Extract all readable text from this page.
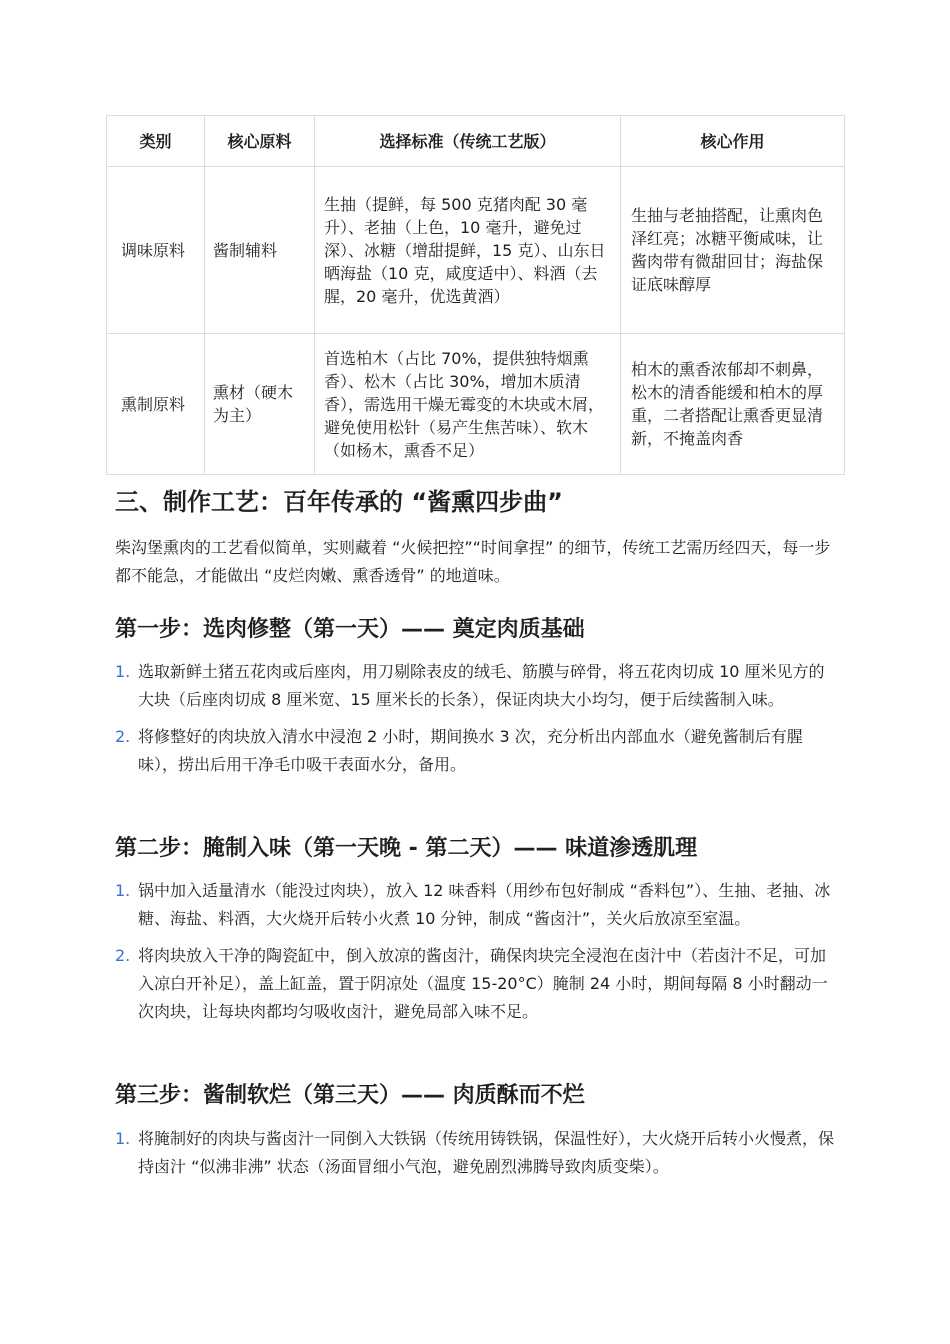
类别	核心原料	选择标准（传统工艺版）	核心作用
调味原料	酱制辅料	生抽（提鲜，每 500 克猪肉配 30 毫升）、老抽（上色，10 毫升，避免过深）、冰糖（增甜提鲜，15 克）、山东日晒海盐（10 克，咸度适中）、料酒（去腥，20 毫升，优选黄酒）	生抽与老抽搭配，让熏肉色泽红亮；冰糖平衡咸味，让酱肉带有微甜回甘；海盐保证底味醇厚
熏制原料	熏材（硬木为主）	首选柏木（占比 70%，提供独特烟熏香）、松木（占比 30%，增加木质清香），需选用干燥无霉变的木块或木屑，避免使用松针（易产生焦苦味）、软木（如杨木，熏香不足）	柏木的熏香浓郁却不刺鼻，松木的清香能缓和柏木的厚重，二者搭配让熏香更显清新，不掩盖肉香
三、制作工艺：百年传承的 “酱熏四步曲”

柴沟堡熏肉的工艺看似简单，实则藏着 “火候把控”“时间拿捏” 的细节，传统工艺需历经四天，每一步都不能急，才能做出 “皮烂肉嫩、熏香透骨” 的地道味。

第一步：选肉修整（第一天）—— 奠定肉质基础
1. 选取新鲜土猪五花肉或后座肉，用刀剔除表皮的绒毛、筋膜与碎骨，将五花肉切成 10 厘米见方的大块（后座肉切成 8 厘米宽、15 厘米长的长条），保证肉块大小均匀，便于后续酱制入味。
2. 将修整好的肉块放入清水中浸泡 2 小时，期间换水 3 次，充分析出内部血水（避免酱制后有腥味），捞出后用干净毛巾吸干表面水分，备用。
第二步：腌制入味（第一天晚 - 第二天）—— 味道渗透肌理
1. 锅中加入适量清水（能没过肉块），放入 12 味香料（用纱布包好制成 “香料包”）、生抽、老抽、冰糖、海盐、料酒，大火烧开后转小火煮 10 分钟，制成 “酱卤汁”，关火后放凉至室温。
2. 将肉块放入干净的陶瓷缸中，倒入放凉的酱卤汁，确保肉块完全浸泡在卤汁中（若卤汁不足，可加入凉白开补足），盖上缸盖，置于阴凉处（温度 15-20°C）腌制 24 小时，期间每隔 8 小时翻动一次肉块，让每块肉都均匀吸收卤汁，避免局部入味不足。
第三步：酱制软烂（第三天）—— 肉质酥而不烂
1. 将腌制好的肉块与酱卤汁一同倒入大铁锅（传统用铸铁锅，保温性好），大火烧开后转小火慢煮，保持卤汁 “似沸非沸” 状态（汤面冒细小气泡，避免剧烈沸腾导致肉质变柴）。
